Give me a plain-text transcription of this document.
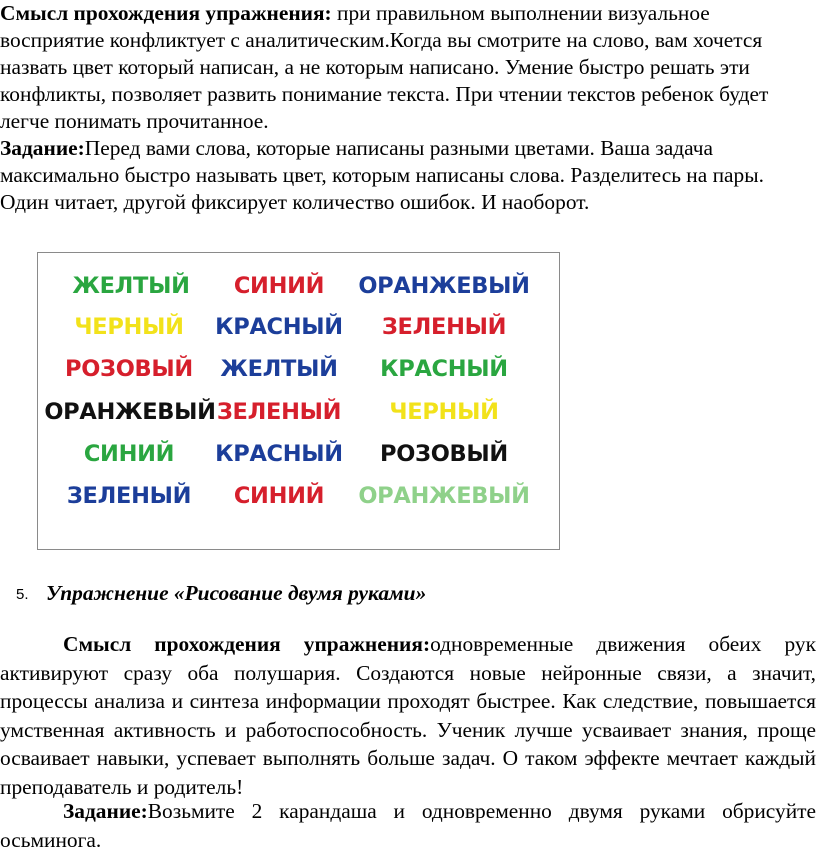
Смысл прохождения упражнения: при правильном выполнении визуальное восприятие конфликтует с аналитическим.Когда вы смотрите на слово, вам хочется назвать цвет который написан, а не которым написано. Умение быстро решать эти конфликты, позволяет развить понимание текста. При чтении текстов ребенок будет легче понимать прочитанное.
Задание:Перед вами слова, которые написаны разными цветами. Ваша задача максимально быстро называть цвет, которым написаны слова. Разделитесь на пары. Один читает, другой фиксирует количество ошибок. И наоборот.

ЖЕЛТЫЙ СИНИЙ ОРАНЖЕВЫЙ
ЧЕРНЫЙ КРАСНЫЙ ЗЕЛЕНЫЙ
РОЗОВЫЙ ЖЕЛТЫЙ КРАСНЫЙ
ОРАНЖЕВЫЙ ЗЕЛЕНЫЙ ЧЕРНЫЙ
СИНИЙ КРАСНЫЙ РОЗОВЫЙ
ЗЕЛЕНЫЙ СИНИЙ ОРАНЖЕВЫЙ
5. Упражнение «Рисование двумя руками»

Смысл прохождения упражнения:одновременные движения обеих рук активируют сразу оба полушария. Создаются новые нейронные связи, а значит, процессы анализа и синтеза информации проходят быстрее. Как следствие, повышается умственная активность и работоспособность. Ученик лучше усваивает знания, проще осваивает навыки, успевает выполнять больше задач. О таком эффекте мечтает каждый преподаватель и родитель!

Задание:Возьмите 2 карандаша и одновременно двумя руками обрисуйте осьминога.
